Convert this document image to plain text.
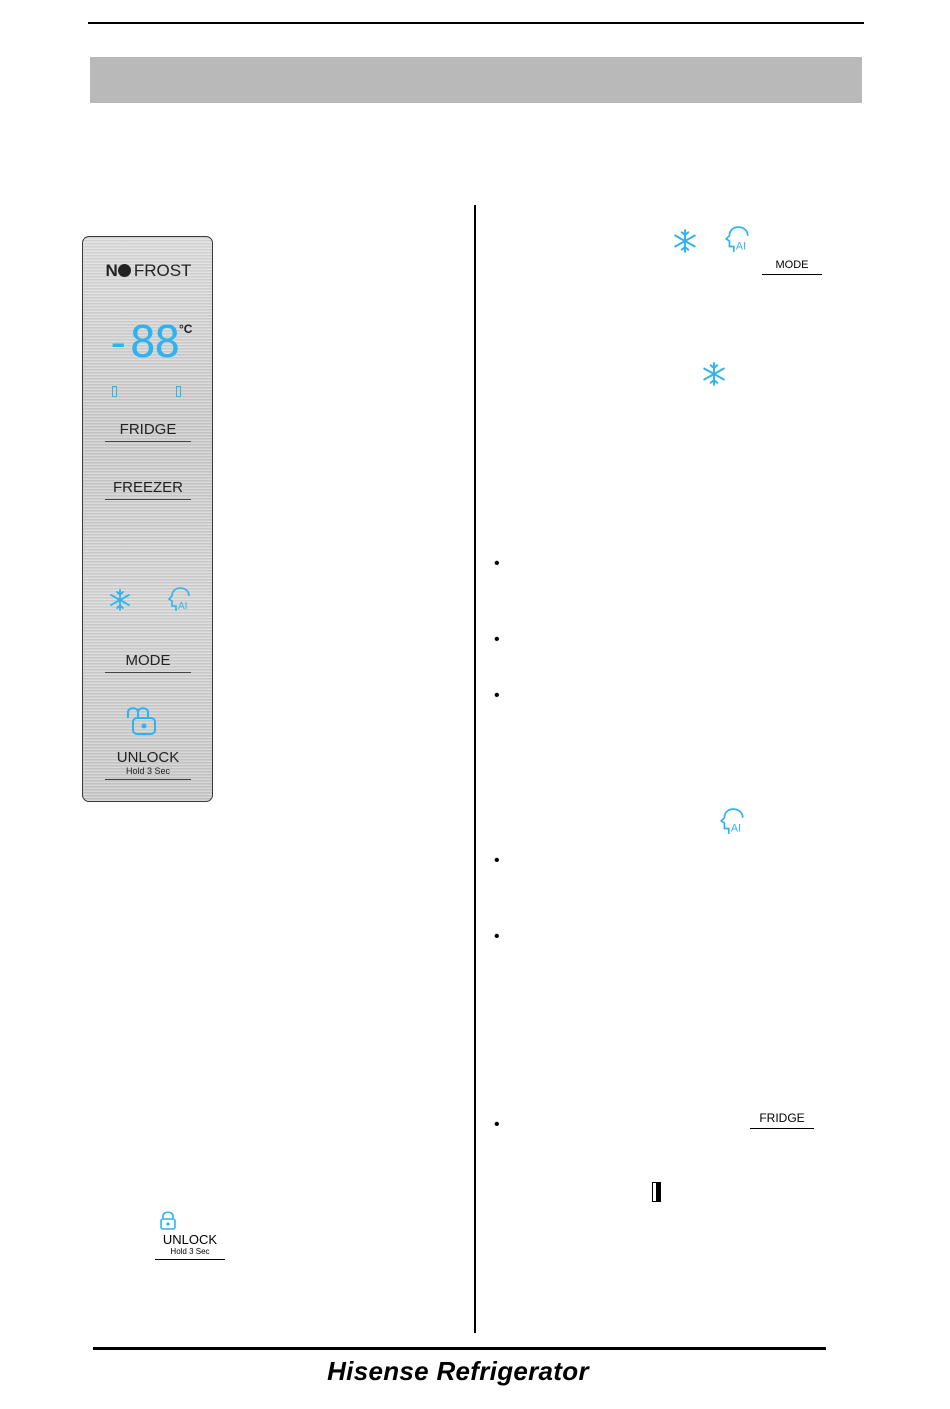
N FROST
-88 °C
FRIDGE
FREEZER
AI
MODE
UNLOCK
Hold 3 Sec
AI
MODE
•
•
•
AI
•
•
•	FRIDGE
UNLOCK
Hold 3 Sec
Hisense Refrigerator
